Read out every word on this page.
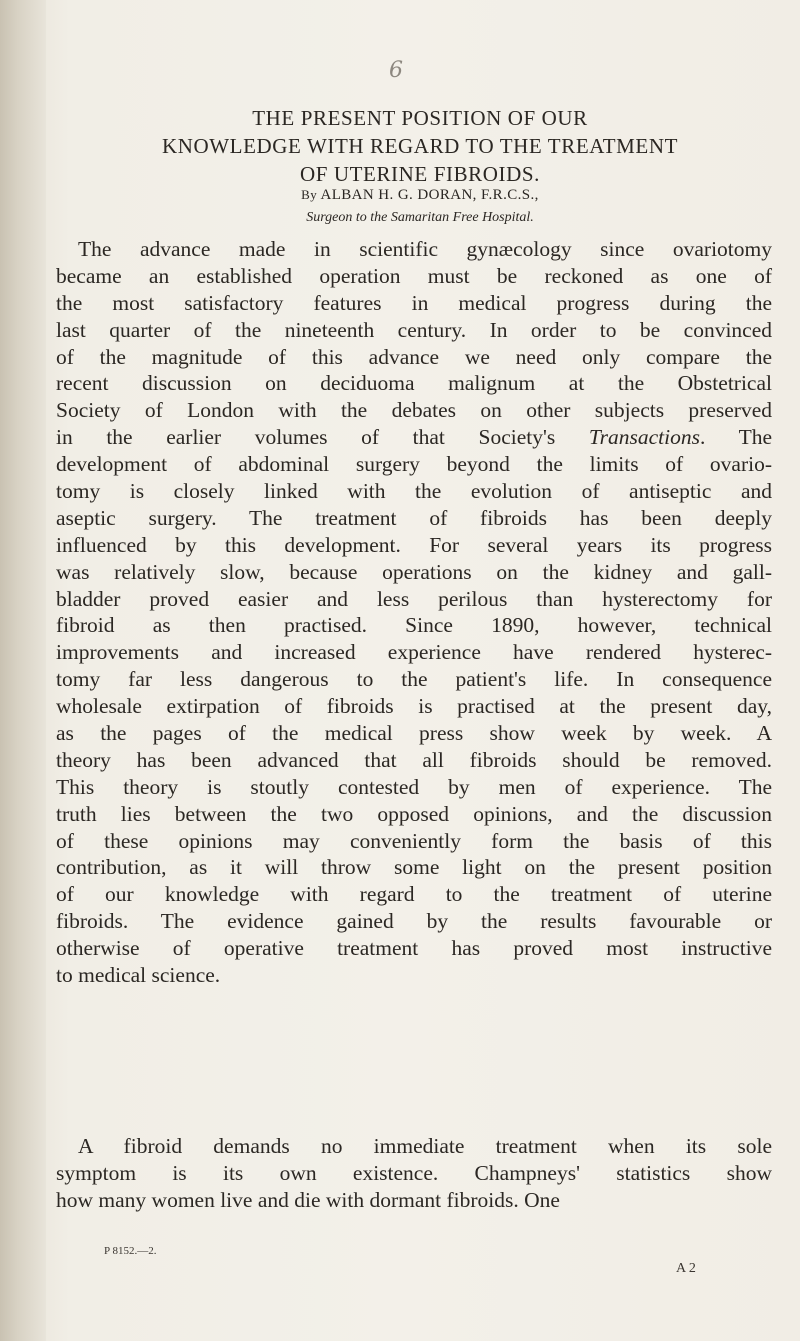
6
THE PRESENT POSITION OF OUR
KNOWLEDGE WITH REGARD TO THE TREATMENT
OF UTERINE FIBROIDS.
By ALBAN H. G. DORAN, F.R.C.S.,
Surgeon to the Samaritan Free Hospital.
The advance made in scientific gynæcology since ovariotomy
became an established operation must be reckoned as one of
the most satisfactory features in medical progress during the
last quarter of the nineteenth century. In order to be convinced
of the magnitude of this advance we need only compare the
recent discussion on deciduoma malignum at the Obstetrical
Society of London with the debates on other subjects preserved
in the earlier volumes of that Society's Transactions. The
development of abdominal surgery beyond the limits of ovario-
tomy is closely linked with the evolution of antiseptic and
aseptic surgery. The treatment of fibroids has been deeply
influenced by this development. For several years its progress
was relatively slow, because operations on the kidney and gall-
bladder proved easier and less perilous than hysterectomy for
fibroid as then practised. Since 1890, however, technical
improvements and increased experience have rendered hysterec-
tomy far less dangerous to the patient's life. In consequence
wholesale extirpation of fibroids is practised at the present day,
as the pages of the medical press show week by week. A
theory has been advanced that all fibroids should be removed.
This theory is stoutly contested by men of experience. The
truth lies between the two opposed opinions, and the discussion
of these opinions may conveniently form the basis of this
contribution, as it will throw some light on the present position
of our knowledge with regard to the treatment of uterine
fibroids. The evidence gained by the results favourable or
otherwise of operative treatment has proved most instructive
to medical science.
A fibroid demands no immediate treatment when its sole
symptom is its own existence. Champneys' statistics show
how many women live and die with dormant fibroids. One
P 8152.—2.
A 2
